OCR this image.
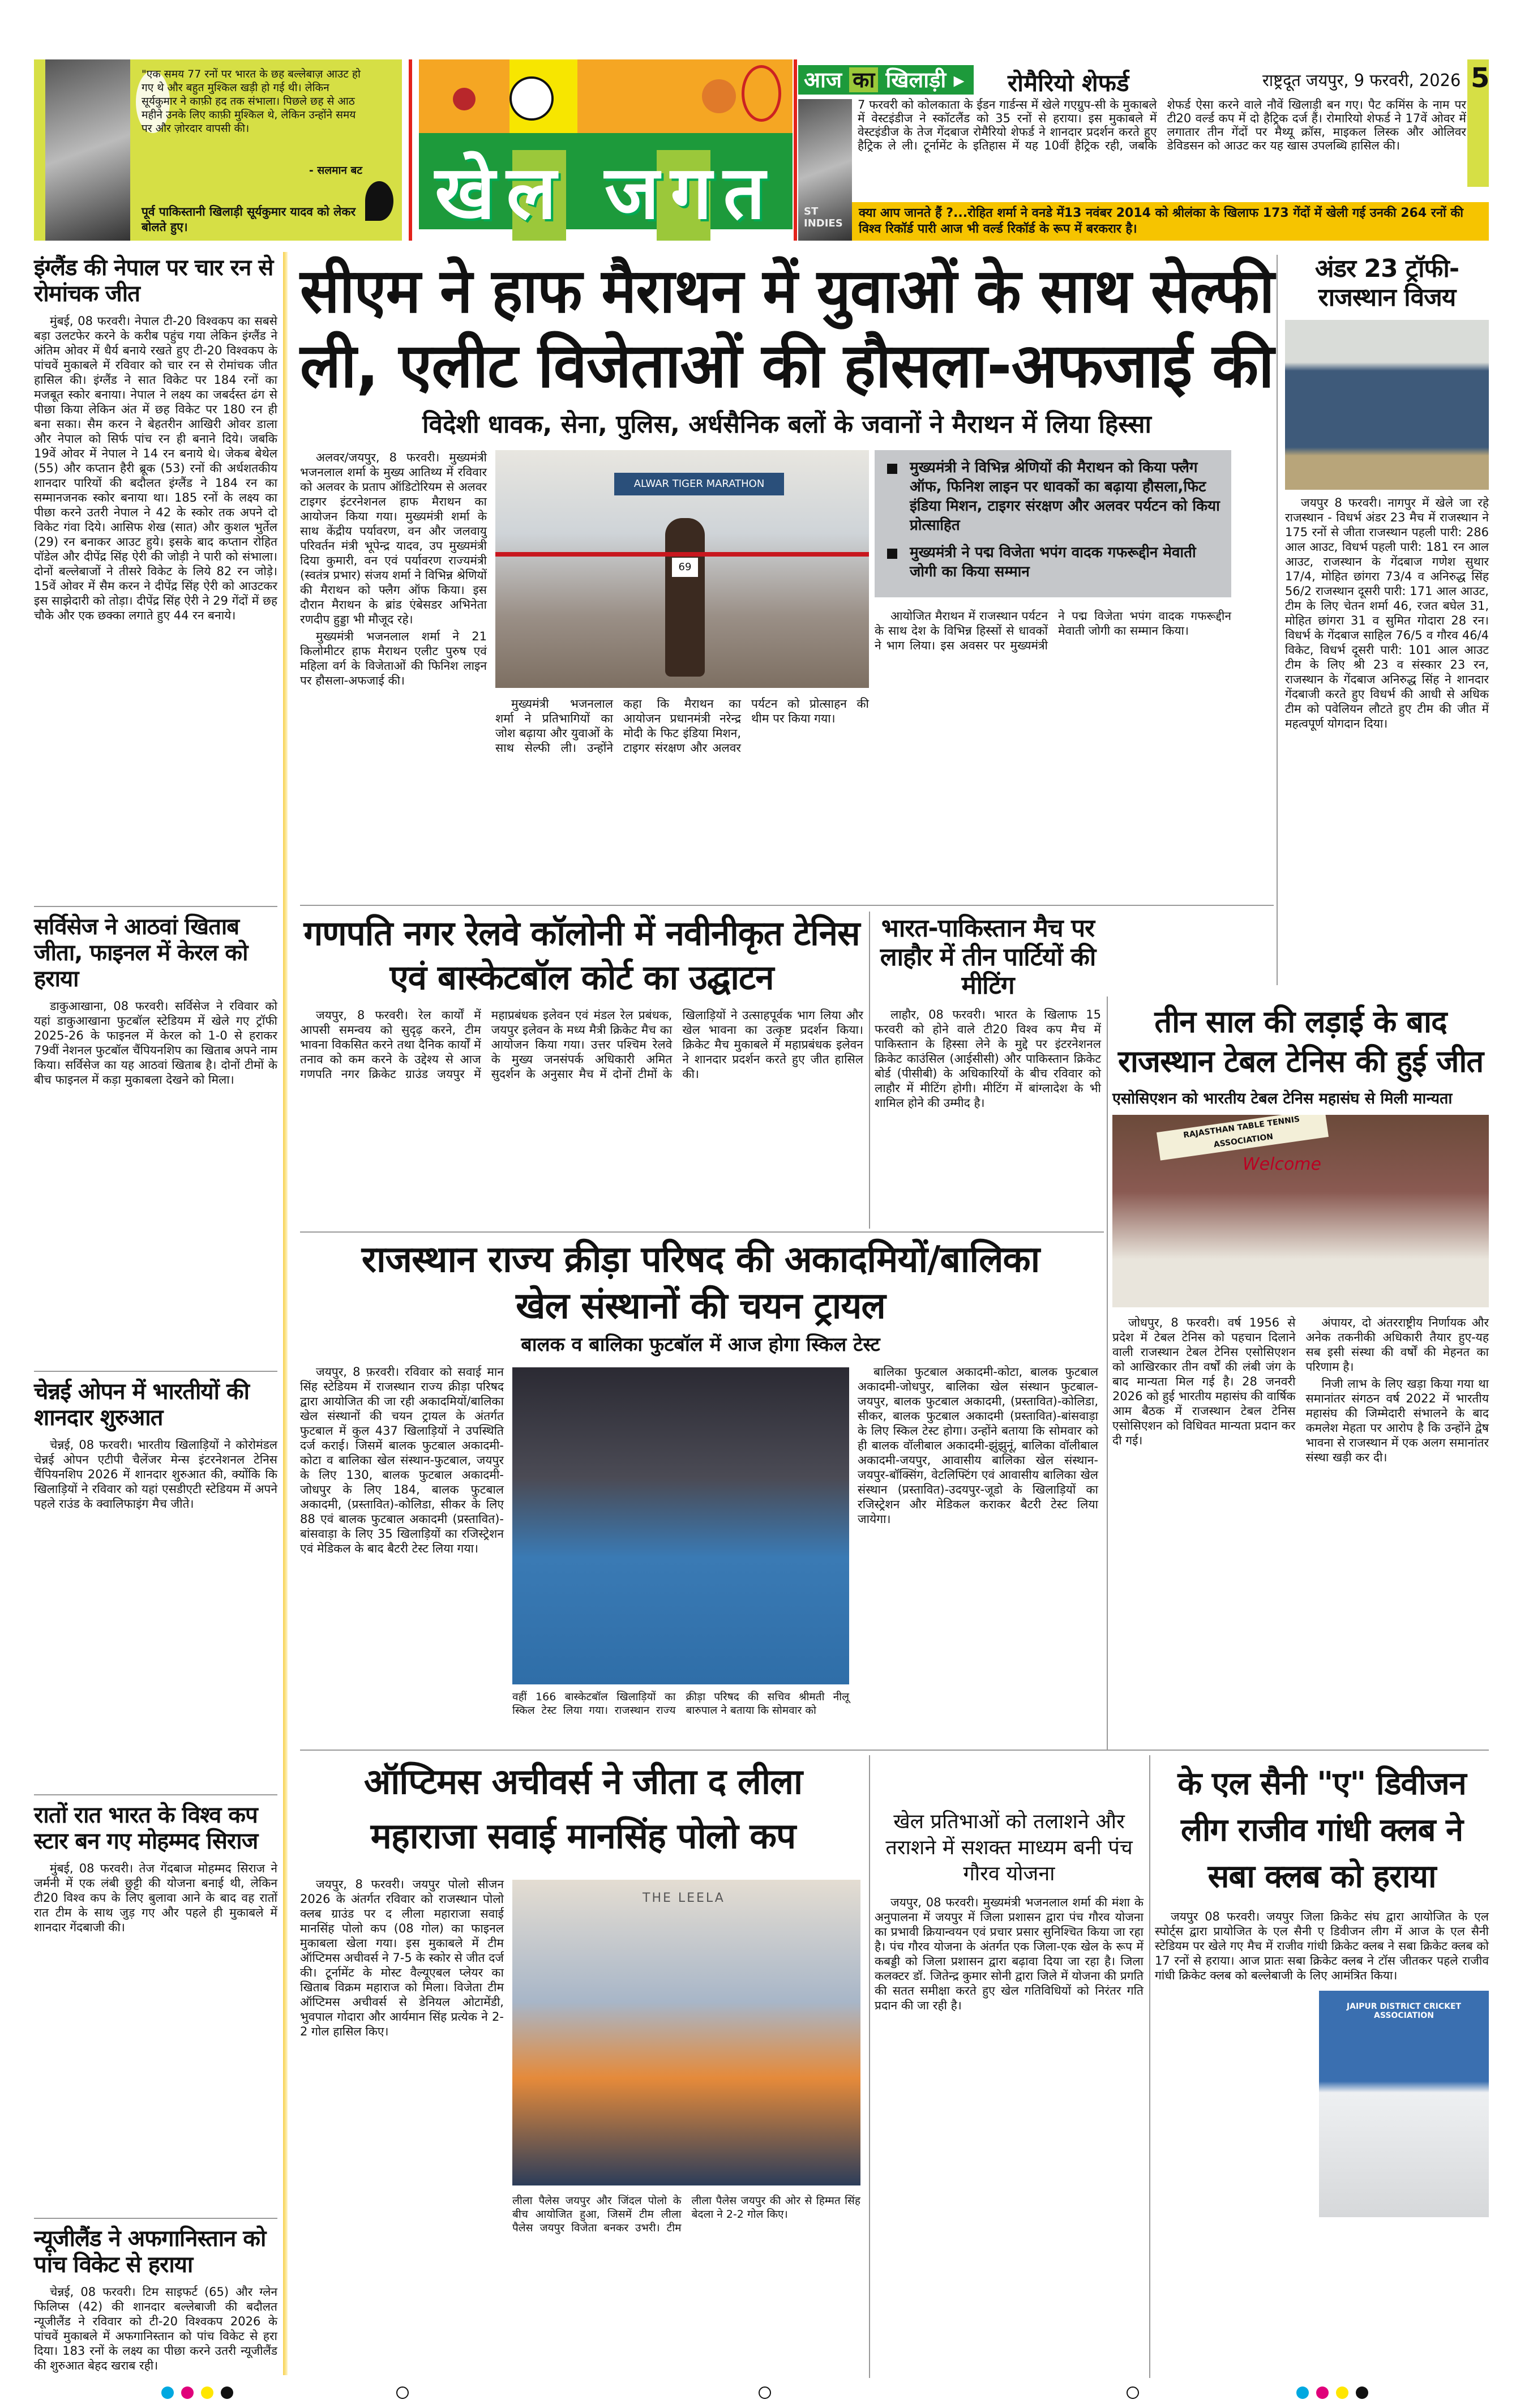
"एक समय 77 रनों पर भारत के छह बल्लेबाज़ आउट हो गए थे और बहुत मुश्किल खड़ी हो गई थी। लेकिन सूर्यकुमार ने काफ़ी हद तक संभाला। पिछले छह से आठ महीने उनके लिए काफ़ी मुश्किल थे, लेकिन उन्होंने समय पर और ज़ोरदार वापसी की।

- सलमान बट
पूर्व पाकिस्तानी खिलाड़ी सूर्यकुमार यादव को लेकर बोलते हुए।	खेल जगत
आज का खिलाड़ी ▸	रोमैरियो शेफर्ड	राष्ट्रदूत जयपुर, 9 फरवरी, 2026 5
ST INDIES

7 फरवरी को कोलकाता के ईडन गार्डन्स में खेले गएग्रुप-सी के मुकाबले में वेस्टइंडीज ने स्कॉटलैंड को 35 रनों से हराया। इस मुकाबले में वेस्टइंडीज के तेज गेंदबाज रोमैरियो शेफर्ड ने शानदार प्रदर्शन करते हुए हैट्रिक ले ली। टूर्नामेंट के इतिहास में यह 10वीं हैट्रिक रही, जबकि शेफर्ड ऐसा करने वाले नौवें खिलाड़ी बन गए। पैट कमिंस के नाम पर टी20 वर्ल्ड कप में दो हैट्रिक दर्ज हैं। रोमारियो शेफर्ड ने 17वें ओवर में लगातार तीन गेंदों पर मैथ्यू क्रॉस, माइकल लिस्क और ओलिवर डेविडसन को आउट कर यह खास उपलब्धि हासिल की।

क्या आप जानते हैं ?...रोहित शर्मा ने वनडे में13 नवंबर 2014 को श्रीलंका के खिलाफ 173 गेंदों में खेली गई उनकी 264 रनों की विश्व रिकॉर्ड पारी आज भी वर्ल्ड रिकॉर्ड के रूप में बरकरार है।
इंग्लैंड की नेपाल पर चार रन से रोमांचक जीत

मुंबई, 08 फरवरी। नेपाल टी-20 विश्वकप का सबसे बड़ा उलटफेर करने के करीब पहुंच गया लेकिन इंग्लैंड ने अंतिम ओवर में धैर्य बनाये रखते हुए टी-20 विश्वकप के पांचवें मुकाबले में रविवार को चार रन से रोमांचक जीत हासिल की। इंग्लैंड ने सात विकेट पर 184 रनों का मजबूत स्कोर बनाया। नेपाल ने लक्ष्य का जबर्दस्त ढंग से पीछा किया लेकिन अंत में छह विकेट पर 180 रन ही बना सका। सैम करन ने बेहतरीन आखिरी ओवर डाला और नेपाल को सिर्फ पांच रन ही बनाने दिये। जबकि 19वें ओवर में नेपाल ने 14 रन बनाये थे। जेकब बेथेल (55) और कप्तान हैरी ब्रूक (53) रनों की अर्धशतकीय शानदार पारियों की बदौलत इंग्लैंड ने 184 रन का सम्मानजनक स्कोर बनाया था। 185 रनों के लक्ष्य का पीछा करने उतरी नेपाल ने 42 के स्कोर तक अपने दो विकेट गंवा दिये। आसिफ शेख (सात) और कुशल भुर्तेल (29) रन बनाकर आउट हुये। इसके बाद कप्तान रोहित पॉडेल और दीपेंद्र सिंह ऐरी की जोड़ी ने पारी को संभाला। दोनों बल्लेबाजों ने तीसरे विकेट के लिये 82 रन जोड़े। 15वें ओवर में सैम करन ने दीपेंद्र सिंह ऐरी को आउटकर इस साझेदारी को तोड़ा। दीपेंद्र सिंह ऐरी ने 29 गेंदों में छह चौके और एक छक्का लगाते हुए 44 रन बनाये।

सर्विसेज ने आठवां खिताब जीता, फाइनल में केरल को हराया

डाकुआखाना, 08 फरवरी। सर्विसेज ने रविवार को यहां डाकुआखाना फुटबॉल स्टेडियम में खेले गए ट्रॉफी 2025-26 के फाइनल में केरल को 1-0 से हराकर 79वीं नेशनल फुटबॉल चैंपियनशिप का खिताब अपने नाम किया। सर्विसेज का यह आठवां खिताब है। दोनों टीमों के बीच फाइनल में कड़ा मुकाबला देखने को मिला।

चेन्नई ओपन में भारतीयों की शानदार शुरुआत

चेन्नई, 08 फरवरी। भारतीय खिलाड़ियों ने कोरोमंडल चेन्नई ओपन एटीपी चैलेंजर मेन्स इंटरनेशनल टेनिस चैंपियनशिप 2026 में शानदार शुरुआत की, क्योंकि कि खिलाड़ियों ने रविवार को यहां एसडीएटी स्टेडियम में अपने पहले राउंड के क्वालिफाइंग मैच जीते।

रातों रात भारत के विश्व कप स्टार बन गए मोहम्मद सिराज

मुंबई, 08 फरवरी। तेज गेंदबाज मोहम्मद सिराज ने जर्मनी में एक लंबी छुट्टी की योजना बनाई थी, लेकिन टी20 विश्व कप के लिए बुलावा आने के बाद वह रातों रात टीम के साथ जुड़ गए और पहले ही मुकाबले में शानदार गेंदबाजी की।

न्यूजीलैंड ने अफगानिस्तान को पांच विकेट से हराया

चेन्नई, 08 फरवरी। टिम साइफर्ट (65) और ग्लेन फिलिप्स (42) की शानदार बल्लेबाजी की बदौलत न्यूजीलैंड ने रविवार को टी-20 विश्वकप 2026 के पांचवें मुकाबले में अफगानिस्तान को पांच विकेट से हरा दिया। 183 रनों के लक्ष्य का पीछा करने उतरी न्यूजीलैंड की शुरुआत बेहद खराब रही।

सीएम ने हाफ मैराथन में युवाओं के साथ सेल्फी
ली, एलीट विजेताओं की हौसला-अफजाई की
विदेशी धावक, सेना, पुलिस, अर्धसैनिक बलों के जवानों ने मैराथन में लिया हिस्सा

अलवर/जयपुर, 8 फरवरी। मुख्यमंत्री भजनलाल शर्मा के मुख्य आतिथ्य में रविवार को अलवर के प्रताप ऑडिटोरियम से अलवर टाइगर इंटरनेशनल हाफ मैराथन का आयोजन किया गया। मुख्यमंत्री शर्मा के साथ केंद्रीय पर्यावरण, वन और जलवायु परिवर्तन मंत्री भूपेन्द्र यादव, उप मुख्यमंत्री दिया कुमारी, वन एवं पर्यावरण राज्यमंत्री (स्वतंत्र प्रभार) संजय शर्मा ने विभिन्न श्रेणियों की मैराथन को फ्लैग ऑफ किया। इस दौरान मैराथन के ब्रांड एंबेसडर अभिनेता रणदीप हुड्डा भी मौजूद रहे।

मुख्यमंत्री भजनलाल शर्मा ने 21 किलोमीटर हाफ मैराथन एलीट पुरुष एवं महिला वर्ग के विजेताओं की फिनिश लाइन पर हौसला-अफजाई की।

ALWAR TIGER MARATHON
69
मुख्यमंत्री ने विभिन्न श्रेणियों की मैराथन को किया फ्लैग ऑफ, फिनिश लाइन पर धावकों का बढ़ाया हौसला,फिट इंडिया मिशन, टाइगर संरक्षण और अलवर पर्यटन को किया प्रोत्साहित
मुख्यमंत्री ने पद्म विजेता भपंग वादक गफरूद्दीन मेवाती जोगी का किया सम्मान

आयोजित मैराथन में राजस्थान पर्यटन के साथ देश के विभिन्न हिस्सों से धावकों ने भाग लिया। इस अवसर पर मुख्यमंत्री ने पद्म विजेता भपंग वादक गफरूद्दीन मेवाती जोगी का सम्मान किया।

मुख्यमंत्री भजनलाल शर्मा ने प्रतिभागियों का जोश बढ़ाया और युवाओं के साथ सेल्फी ली। उन्होंने कहा कि मैराथन का आयोजन प्रधानमंत्री नरेन्द्र मोदी के फिट इंडिया मिशन, टाइगर संरक्षण और अलवर पर्यटन को प्रोत्साहन की थीम पर किया गया।

अंडर 23 ट्रॉफी-राजस्थान विजय

जयपुर 8 फरवरी। नागपुर में खेले जा रहे राजस्थान - विधर्भ अंडर 23 मैच में राजस्थान ने 175 रनों से जीता राजस्थान पहली पारी: 286 आल आउट, विधर्भ पहली पारी: 181 रन आल आउट, राजस्थान के गेंदबाज गणेश सुथार 17/4, मोहित छांगरा 73/4 व अनिरुद्ध सिंह 56/2 राजस्थान दूसरी पारी: 171 आल आउट, टीम के लिए चेतन शर्मा 46, रजत बघेल 31, मोहित छांगरा 31 व सुमित गोदारा 28 रन। विधर्भ के गेंदबाज साहिल 76/5 व गौरव 46/4 विकेट, विधर्भ दूसरी पारी: 101 आल आउट टीम के लिए श्री 23 व संस्कार 23 रन, राजस्थान के गेंदबाज अनिरुद्ध सिंह ने शानदार गेंदबाजी करते हुए विधर्भ की आधी से अधिक टीम को पवेलियन लौटते हुए टीम की जीत में महत्वपूर्ण योगदान दिया।

गणपति नगर रेलवे कॉलोनी में नवीनीकृत टेनिस एवं बास्केटबॉल कोर्ट का उद्घाटन

जयपुर, 8 फरवरी। रेल कार्यों में आपसी समन्वय को सुदृढ़ करने, टीम भावना विकसित करने तथा दैनिक कार्यों में तनाव को कम करने के उद्देश्य से आज गणपति नगर क्रिकेट ग्राउंड जयपुर में महाप्रबंधक इलेवन एवं मंडल रेल प्रबंधक, जयपुर इलेवन के मध्य मैत्री क्रिकेट मैच का आयोजन किया गया। उत्तर पश्चिम रेलवे के मुख्य जनसंपर्क अधिकारी अमित सुदर्शन के अनुसार मैच में दोनों टीमों के खिलाड़ियों ने उत्साहपूर्वक भाग लिया और खेल भावना का उत्कृष्ट प्रदर्शन किया। क्रिकेट मैच मुकाबले में महाप्रबंधक इलेवन ने शानदार प्रदर्शन करते हुए जीत हासिल की।

भारत-पाकिस्तान मैच पर लाहौर में तीन पार्टियों की मीटिंग

लाहौर, 08 फरवरी। भारत के खिलाफ 15 फरवरी को होने वाले टी20 विश्व कप मैच में पाकिस्तान के हिस्सा लेने के मुद्दे पर इंटरनेशनल क्रिकेट काउंसिल (आईसीसी) और पाकिस्तान क्रिकेट बोर्ड (पीसीबी) के अधिकारियों के बीच रविवार को लाहौर में मीटिंग होगी। मीटिंग में बांग्लादेश के भी शामिल होने की उम्मीद है।

तीन साल की लड़ाई के बाद राजस्थान टेबल टेनिस की हुई जीत
एसोसिएशन को भारतीय टेबल टेनिस महासंघ से मिली मान्यता
RAJASTHAN TABLE TENNIS ASSOCIATION
Welcome

जोधपुर, 8 फरवरी। वर्ष 1956 से प्रदेश में टेबल टेनिस को पहचान दिलाने वाली राजस्थान टेबल टेनिस एसोसिएशन को आखिरकार तीन वर्षों की लंबी जंग के बाद मान्यता मिल गई है। 28 जनवरी 2026 को हुई भारतीय महासंघ की वार्षिक आम बैठक में राजस्थान टेबल टेनिस एसोसिएशन को विधिवत मान्यता प्रदान कर दी गई।

अंपायर, दो अंतरराष्ट्रीय निर्णायक और अनेक तकनीकी अधिकारी तैयार हुए-यह सब इसी संस्था की वर्षों की मेहनत का परिणाम है।

निजी लाभ के लिए खड़ा किया गया था समानांतर संगठन वर्ष 2022 में भारतीय महासंघ की जिम्मेदारी संभालने के बाद कमलेश मेहता पर आरोप है कि उन्होंने द्वेष भावना से राजस्थान में एक अलग समानांतर संस्था खड़ी कर दी।

राजस्थान राज्य क्रीड़ा परिषद की अकादमियों/बालिका
खेल संस्थानों की चयन ट्रायल
बालक व बालिका फुटबॉल में आज होगा स्किल टेस्ट

जयपुर, 8 फ़रवरी। रविवार को सवाई मान सिंह स्टेडियम में राजस्थान राज्य क्रीड़ा परिषद द्वारा आयोजित की जा रही अकादमियों/बालिका खेल संस्थानों की चयन ट्रायल के अंतर्गत फुटबाल में कुल 437 खिलाड़ियों ने उपस्थिति दर्ज कराई। जिसमें बालक फुटबाल अकादमी-कोटा व बालिका खेल संस्थान-फुटबाल, जयपुर के लिए 130, बालक फुटबाल अकादमी-जोधपुर के लिए 184, बालक फुटबाल अकादमी, (प्रस्तावित)-कोलिडा, सीकर के लिए 88 एवं बालक फुटबाल अकादमी (प्रस्तावित)-बांसवाड़ा के लिए 35 खिलाड़ियों का रजिस्ट्रेशन एवं मेडिकल के बाद बैटरी टेस्ट लिया गया।

वहीं 166 बास्केटबॉल खिलाड़ियों का स्किल टेस्ट लिया गया। राजस्थान राज्य क्रीड़ा परिषद की सचिव श्रीमती नीलू बारुपाल ने बताया कि सोमवार को

बालिका फुटबाल अकादमी-कोटा, बालक फुटबाल अकादमी-जोधपुर, बालिका खेल संस्थान फुटबाल-जयपुर, बालक फुटबाल अकादमी, (प्रस्तावित)-कोलिडा, सीकर, बालक फुटबाल अकादमी (प्रस्तावित)-बांसवाड़ा के लिए स्किल टेस्ट होगा। उन्होंने बताया कि सोमवार को ही बालक वॉलीबाल अकादमी-झुंझुनूं, बालिका वॉलीबाल अकादमी-जयपुर, आवासीय बालिका खेल संस्थान-जयपुर-बॉक्सिंग, वेटलिफ्टिंग एवं आवासीय बालिका खेल संस्थान (प्रस्तावित)-उदयपुर-जूडो के खिलाड़ियों का रजिस्ट्रेशन और मेडिकल कराकर बैटरी टेस्ट लिया जायेगा।

ऑप्टिमस अचीवर्स ने जीता द लीला
महाराजा सवाई मानसिंह पोलो कप

जयपुर, 8 फरवरी। जयपुर पोलो सीजन 2026 के अंतर्गत रविवार को राजस्थान पोलो क्लब ग्राउंड पर द लीला महाराजा सवाई मानसिंह पोलो कप (08 गोल) का फाइनल मुकाबला खेला गया। इस मुकाबले में टीम ऑप्टिमस अचीवर्स ने 7-5 के स्कोर से जीत दर्ज की। टूर्नामेंट के मोस्ट वैल्यूएबल प्लेयर का खिताब विक्रम महाराज को मिला। विजेता टीम ऑप्टिमस अचीवर्स से डेनियल ओटामेंडी, भुवपाल गोदारा और आर्यमान सिंह प्रत्येक ने 2-2 गोल हासिल किए।

THE LEELA

लीला पैलेस जयपुर और जिंदल पोलो के बीच आयोजित हुआ, जिसमें टीम लीला पैलेस जयपुर विजेता बनकर उभरी। टीम लीला पैलेस जयपुर की ओर से हिम्मत सिंह बेदला ने 2-2 गोल किए।

खेल प्रतिभाओं को तलाशने और तराशने में सशक्त माध्यम बनी पंच गौरव योजना

जयपुर, 08 फरवरी। मुख्यमंत्री भजनलाल शर्मा की मंशा के अनुपालना में जयपुर में जिला प्रशासन द्वारा पंच गौरव योजना का प्रभावी क्रियान्वयन एवं प्रचार प्रसार सुनिश्चित किया जा रहा है। पंच गौरव योजना के अंतर्गत एक जिला-एक खेल के रूप में कबड्डी को जिला प्रशासन द्वारा बढ़ावा दिया जा रहा है। जिला कलक्टर डॉ. जितेन्द्र कुमार सोनी द्वारा जिले में योजना की प्रगति की सतत समीक्षा करते हुए खेल गतिविधियों को निरंतर गति प्रदान की जा रही है।

के एल सैनी "ए" डिवीजन लीग राजीव गांधी क्लब ने सबा क्लब को हराया

जयपुर 08 फरवरी। जयपुर जिला क्रिकेट संघ द्वारा आयोजित के एल स्पोर्ट्स द्वारा प्रायोजित के एल सैनी ए डिवीजन लीग में आज के एल सैनी स्टेडियम पर खेले गए मैच में राजीव गांधी क्रिकेट क्लब ने सबा क्रिकेट क्लब को 17 रनों से हराया। आज प्रातः सबा क्रिकेट क्लब ने टॉस जीतकर पहले राजीव गांधी क्रिकेट क्लब को बल्लेबाजी के लिए आमंत्रित किया।

JAIPUR DISTRICT CRICKET ASSOCIATION
